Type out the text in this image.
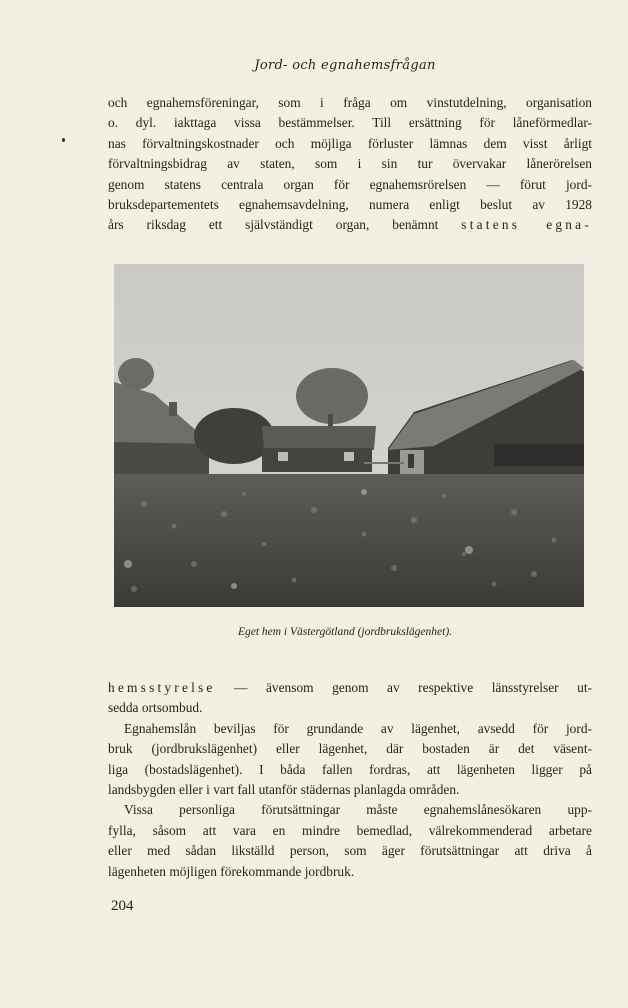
Jord- och egnahemsfrågan
och egnahemsföreningar, som i fråga om vinstutdelning, organisation
o. dyl. iakttaga vissa bestämmelser. Till ersättning för låneförmedlar-
nas förvaltningskostnader och möjliga förluster lämnas dem visst årligt
förvaltningsbidrag av staten, som i sin tur övervakar lånerörelsen
genom statens centrala organ för egnahemsrörelsen — förut jord-
bruksdepartementets egnahemsavdelning, numera enligt beslut av 1928
års riksdag ett självständigt organ, benämnt statens egna-
Eget hem i Västergötland (jordbrukslägenhet).
hemsstyrelse — ävensom genom av respektive länsstyrelser ut-
sedda ortsombud.
Egnahemslån beviljas för grundande av lägenhet, avsedd för jord-
bruk (jordbrukslägenhet) eller lägenhet, där bostaden är det väsent-
liga (bostadslägenhet). I båda fallen fordras, att lägenheten ligger på
landsbygden eller i vart fall utanför städernas planlagda områden.
Vissa personliga förutsättningar måste egnahemslånesökaren upp-
fylla, såsom att vara en mindre bemedlad, välrekommenderad arbetare
eller med sådan likställd person, som äger förutsättningar att driva å
lägenheten möjligen förekommande jordbruk.
204
